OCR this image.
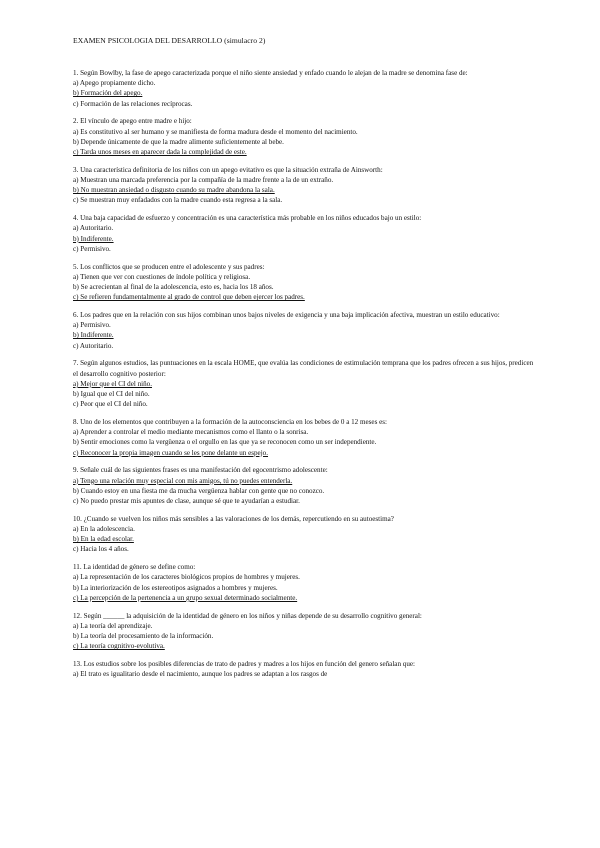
EXAMEN PSICOLOGIA DEL DESARROLLO (simulacro 2)

1. Según Bowlby, la fase de apego caracterizada porque el niño siente ansiedad y enfado cuando le alejan de la madre se denomina fase de:

a) Apego propiamente dicho.
b) Formación del apego.
c) Formación de las relaciones recíprocas.

2. El vínculo de apego entre madre e hijo:

a) Es constitutivo al ser humano y se manifiesta de forma madura desde el momento del nacimiento.
b) Depende únicamente de que la madre alimente suficientemente al bebe.
c) Tarda unos meses en aparecer dada la complejidad de este.

3. Una característica definitoria de los niños con un apego evitativo es que la situación extraña de Ainsworth:

a) Muestran una marcada preferencia por la compañía de la madre frente a la de un extraño.
b) No muestran ansiedad o disgusto cuando su madre abandona la sala.
c) Se muestran muy enfadados con la madre cuando esta regresa a la sala.

4. Una baja capacidad de esfuerzo y concentración es una característica más probable en los niños educados bajo un estilo:

a) Autoritario.
b) Indiferente.
c) Permisivo.

5. Los conflictos que se producen entre el adolescente y sus padres:

a) Tienen que ver con cuestiones de índole política y religiosa.
b) Se acrecientan al final de la adolescencia, esto es, hacia los 18 años.
c) Se refieren fundamentalmente al grado de control que deben ejercer los padres.

6. Los padres que en la relación con sus hijos combinan unos bajos niveles de exigencia y una baja implicación afectiva, muestran un estilo educativo:

a) Permisivo.
b) Indiferente.
c) Autoritario.

7. Según algunos estudios, las puntuaciones en la escala HOME, que evalúa las condiciones de estimulación temprana que los padres ofrecen a sus hijos, predicen el desarrollo cognitivo posterior:

a) Mejor que el CI del niño.
b) Igual que el CI del niño.
c) Peor que el CI del niño.

8. Uno de los elementos que contribuyen a la formación de la autoconsciencia en los bebes de 0 a 12 meses es:

a) Aprender a controlar el medio mediante mecanismos como el llanto o la sonrisa.
b) Sentir emociones como la vergüenza o el orgullo en las que ya se reconocen como un ser independiente.
c) Reconocer la propia imagen cuando se les pone delante un espejo.

9. Señale cuál de las siguientes frases es una manifestación del egocentrismo adolescente:

a) Tengo una relación muy especial con mis amigos, tú no puedes entenderla.
b) Cuando estoy en una fiesta me da mucha vergüenza hablar con gente que no conozco.
c) No puedo prestar mis apuntes de clase, aunque sé que te ayudarían a estudiar.

10. ¿Cuando se vuelven los niños más sensibles a las valoraciones de los demás, repercutiendo en su autoestima?

a) En la adolescencia.
b) En la edad escolar.
c) Hacia los 4 años.

11. La identidad de género se define como:

a) La representación de los caracteres biológicos propios de hombres y mujeres.
b) La interiorización de los estereotipos asignados a hombres y mujeres.
c) La percepción de la pertenencia a un grupo sexual determinado socialmente.

12. Según ______ la adquisición de la identidad de género en los niños y niñas depende de su desarrollo cognitivo general:

a) La teoría del aprendizaje.
b) La teoría del procesamiento de la información.
c) La teoría cognitivo-evolutiva.

13. Los estudios sobre los posibles diferencias de trato de padres y madres a los hijos en función del genero señalan que:

a) El trato es igualitario desde el nacimiento, aunque los padres se adaptan a los rasgos de
